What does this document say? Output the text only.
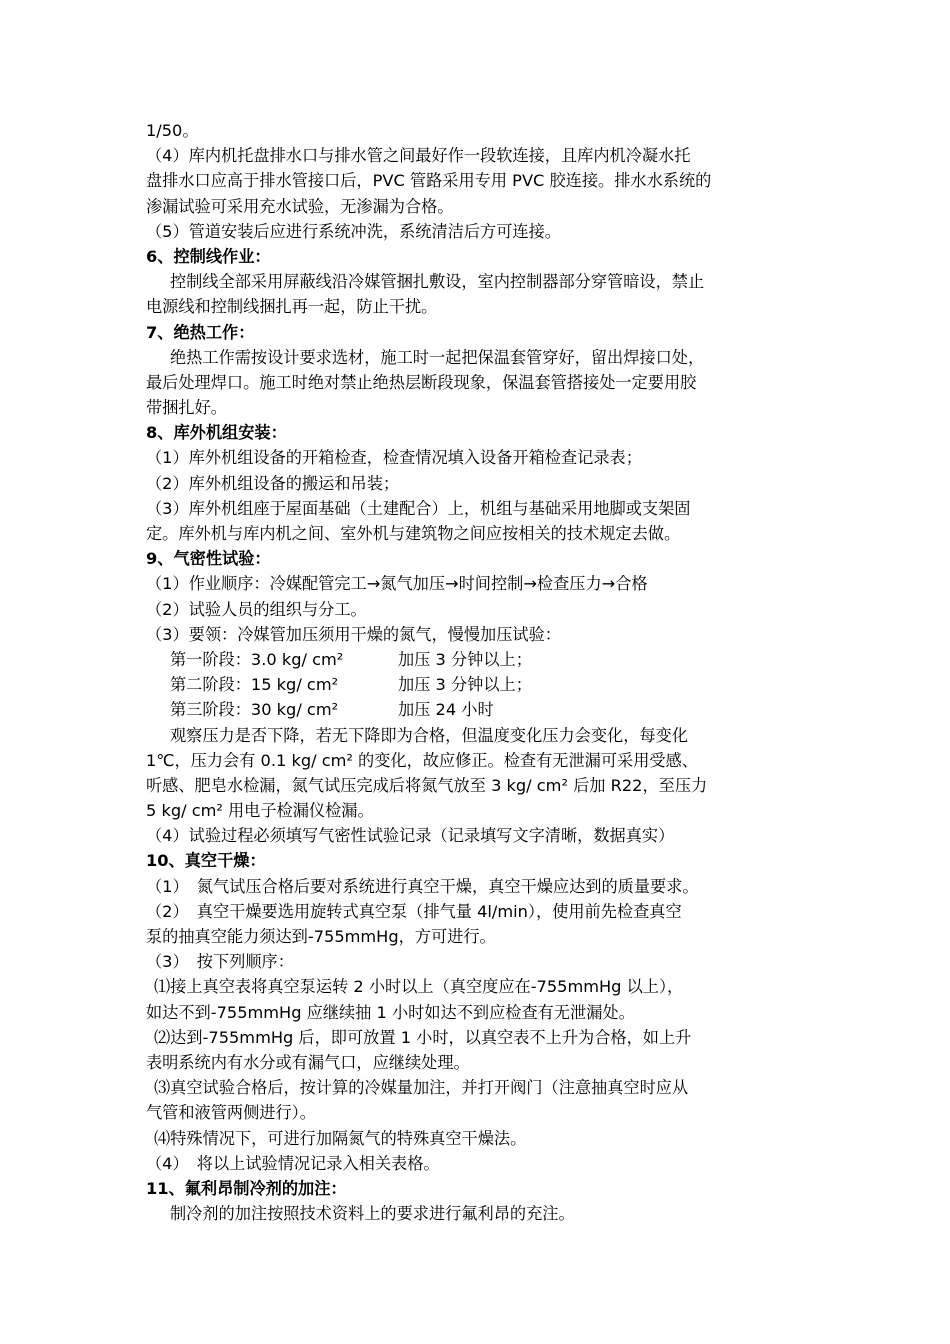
1/50。
（4）库内机托盘排水口与排水管之间最好作一段软连接，且库内机冷凝水托
盘排水口应高于排水管接口后，PVC 管路采用专用 PVC 胶连接。排水水系统的
渗漏试验可采用充水试验，无渗漏为合格。
（5）管道安装后应进行系统冲洗，系统清洁后方可连接。
6、控制线作业：
控制线全部采用屏蔽线沿冷媒管捆扎敷设，室内控制器部分穿管暗设，禁止
电源线和控制线捆扎再一起，防止干扰。
7、绝热工作：
绝热工作需按设计要求选材，施工时一起把保温套管穿好，留出焊接口处，
最后处理焊口。施工时绝对禁止绝热层断段现象，保温套管搭接处一定要用胶
带捆扎好。
8、库外机组安装：
（1）库外机组设备的开箱检查，检查情况填入设备开箱检查记录表；
（2）库外机组设备的搬运和吊装；
（3）库外机组座于屋面基础（土建配合）上，机组与基础采用地脚或支架固
定。库外机与库内机之间、室外机与建筑物之间应按相关的技术规定去做。
9、气密性试验：
（1）作业顺序：冷媒配管完工→氮气加压→时间控制→检查压力→合格
（2）试验人员的组织与分工。
（3）要领：冷媒管加压须用干燥的氮气，慢慢加压试验：
第一阶段：3.0 kg/ cm²	加压 3 分钟以上；
第二阶段：15 kg/ cm²	加压 3 分钟以上；
第三阶段：30 kg/ cm²	加压 24 小时
观察压力是否下降，若无下降即为合格，但温度变化压力会变化，每变化
1℃，压力会有 0.1 kg/ cm² 的变化，故应修正。检查有无泄漏可采用受感、
听感、肥皂水检漏，氮气试压完成后将氮气放至 3 kg/ cm² 后加 R22，至压力
5 kg/ cm² 用电子检漏仪检漏。
（4）试验过程必须填写气密性试验记录（记录填写文字清晰，数据真实）
10、真空干燥：
（1）　氮气试压合格后要对系统进行真空干燥，真空干燥应达到的质量要求。
（2）　真空干燥要选用旋转式真空泵（排气量 4l/min），使用前先检查真空
泵的抽真空能力须达到-755mmHg，方可进行。
（3）　按下列顺序：
⑴接上真空表将真空泵运转 2 小时以上（真空度应在-755mmHg 以上），
如达不到-755mmHg 应继续抽 1 小时如达不到应检查有无泄漏处。
⑵达到-755mmHg 后，即可放置 1 小时，以真空表不上升为合格，如上升
表明系统内有水分或有漏气口，应继续处理。
⑶真空试验合格后，按计算的冷媒量加注，并打开阀门（注意抽真空时应从
气管和液管两侧进行）。
⑷特殊情况下，可进行加隔氮气的特殊真空干燥法。
（4）　将以上试验情况记录入相关表格。
11、氟利昂制冷剂的加注：
制冷剂的加注按照技术资料上的要求进行氟利昂的充注。
